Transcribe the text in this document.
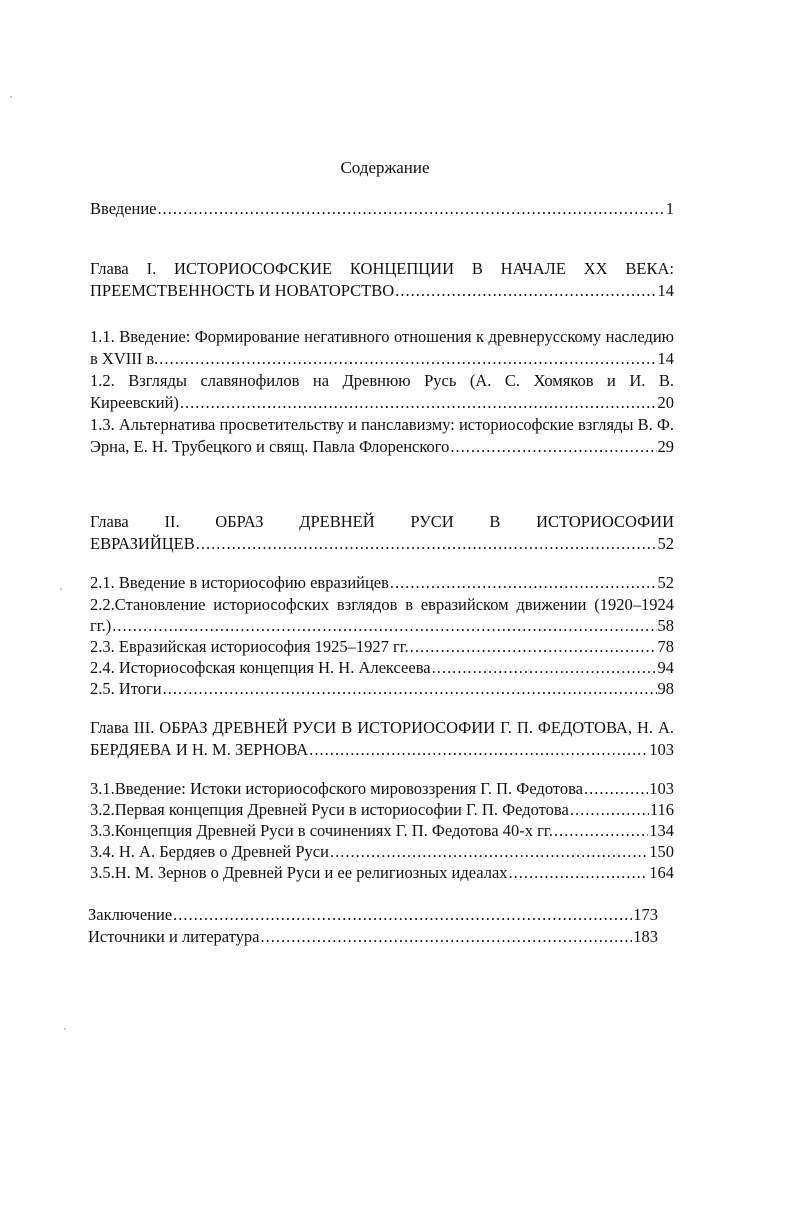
Содержание
Введение .....	1
Глава I. ИСТОРИОСОФСКИЕ КОНЦЕПЦИИ В НАЧАЛЕ XX ВЕКА:
ПРЕЕМСТВЕННОСТЬ И НОВАТОРСТВО .....	14
1.1. Введение: Формирование негативного отношения к древнерусскому наследию
в XVIII в. .....	14
1.2. Взгляды славянофилов на Древнюю Русь (А. С. Хомяков и И. В.
Киреевский) .....	20
1.3. Альтернатива просветительству и панславизму: историософские взгляды В. Ф.
Эрна, Е. Н. Трубецкого и свящ. Павла Флоренского .....	29
Глава II. ОБРАЗ ДРЕВНЕЙ РУСИ В ИСТОРИОСОФИИ
ЕВРАЗИЙЦЕВ .....	52
2.1. Введение в историософию евразийцев .....	52
2.2.Становление историософских взглядов в евразийском движении (1920–1924
гг.) .....	58
2.3. Евразийская историософия 1925–1927 гг. .....	78
2.4. Историософская концепция Н. Н. Алексеева .....	94
2.5. Итоги .....	98
Глава III. ОБРАЗ ДРЕВНЕЙ РУСИ В ИСТОРИОСОФИИ Г. П. ФЕДОТОВА, Н. А.
БЕРДЯЕВА И Н. М. ЗЕРНОВА .....	103
3.1.Введение: Истоки историософского мировоззрения Г. П. Федотова .....	103
3.2.Первая концепция Древней Руси в историософии Г. П. Федотова .....	116
3.3.Концепция Древней Руси в сочинениях Г. П. Федотова 40-х гг. .....	134
3.4. Н. А. Бердяев о Древней Руси .....	150
3.5.Н. М. Зернов о Древней Руси и ее религиозных идеалах .....	164
Заключение .....	173
Источники и литература .....	183
